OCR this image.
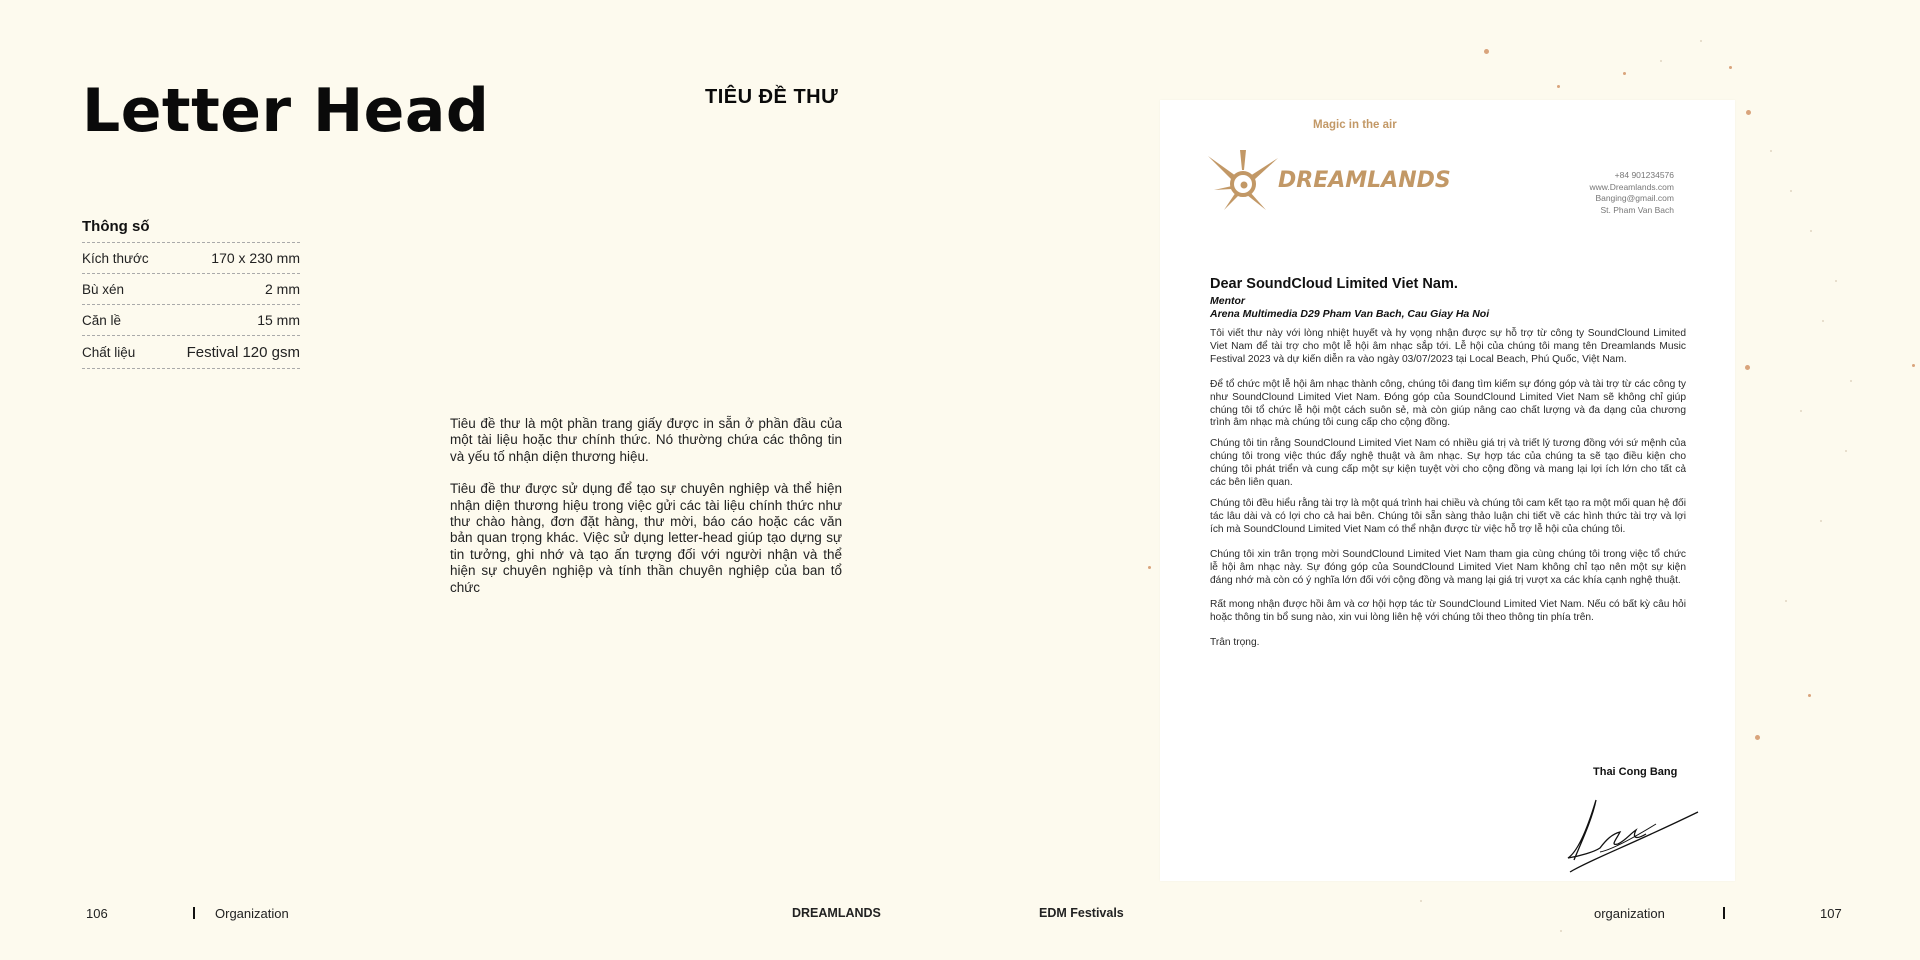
Letter Head	TIÊU ĐỀ THƯ
Thông số
Kích thước	170 x 230 mm
Bù xén	2 mm
Căn lề	15 mm
Chất liệu	Festival 120 gsm

Tiêu đề thư là một phần trang giấy được in sẵn ở phần đầu của một tài liệu hoặc thư chính thức. Nó thường chứa các thông tin và yếu tố nhận diện thương hiệu.

Tiêu đề thư được sử dụng để tạo sự chuyên nghiệp và thể hiện nhận diện thương hiệu trong việc gửi các tài liệu chính thức như thư chào hàng, đơn đặt hàng, thư mời, báo cáo hoặc các văn bản quan trọng khác. Việc sử dụng letter-head giúp tạo dựng sự tin tưởng, ghi nhớ và tạo ấn tượng đối với người nhận và thể hiện sự chuyên nghiệp và tính thần chuyên nghiệp của ban tổ chức

Magic in the air
DREAMLANDS	+84 901234576
www.Dreamlands.com
Banging@gmail.com
St. Pham Van Bach
Dear SoundCloud Limited Viet Nam.
Mentor
Arena Multimedia D29 Pham Van Bach, Cau Giay Ha Noi

Tôi viết thư này với lòng nhiệt huyết và hy vọng nhận được sự hỗ trợ từ công ty SoundClound Limited Viet Nam để tài trợ cho một lễ hội âm nhạc sắp tới. Lễ hội của chúng tôi mang tên Dreamlands Music Festival 2023 và dự kiến diễn ra vào ngày 03/07/2023 tại Local Beach, Phú Quốc, Việt Nam.

Để tổ chức một lễ hội âm nhạc thành công, chúng tôi đang tìm kiếm sự đóng góp và tài trợ từ các công ty như SoundClound Limited Viet Nam. Đóng góp của SoundClound Limited Viet Nam sẽ không chỉ giúp chúng tôi tổ chức lễ hội một cách suôn sẻ, mà còn giúp nâng cao chất lượng và đa dạng của chương trình âm nhạc mà chúng tôi cung cấp cho cộng đồng.

Chúng tôi tin rằng SoundClound Limited Viet Nam có nhiều giá trị và triết lý tương đồng với sứ mệnh của chúng tôi trong việc thúc đẩy nghệ thuật và âm nhạc. Sự hợp tác của chúng ta sẽ tạo điều kiện cho chúng tôi phát triển và cung cấp một sự kiện tuyệt vời cho cộng đồng và mang lại lợi ích lớn cho tất cả các bên liên quan.

Chúng tôi đều hiểu rằng tài trợ là một quá trình hai chiều và chúng tôi cam kết tạo ra một mối quan hệ đối tác lâu dài và có lợi cho cả hai bên. Chúng tôi sẵn sàng thảo luận chi tiết về các hình thức tài trợ và lợi ích mà SoundClound Limited Viet Nam có thể nhận được từ việc hỗ trợ lễ hội của chúng tôi.

Chúng tôi xin trân trọng mời SoundClound Limited Viet Nam tham gia cùng chúng tôi trong việc tổ chức lễ hội âm nhạc này. Sự đóng góp của SoundClound Limited Viet Nam không chỉ tạo nên một sự kiện đáng nhớ mà còn có ý nghĩa lớn đối với cộng đồng và mang lại giá trị vượt xa các khía cạnh nghệ thuật.

Rất mong nhận được hồi âm và cơ hội hợp tác từ SoundClound Limited Viet Nam. Nếu có bất kỳ câu hỏi hoặc thông tin bổ sung nào, xin vui lòng liên hệ với chúng tôi theo thông tin phía trên.

Trân trọng.

Thai Cong Bang
106	Organization	DREAMLANDS	EDM Festivals	organization	107
